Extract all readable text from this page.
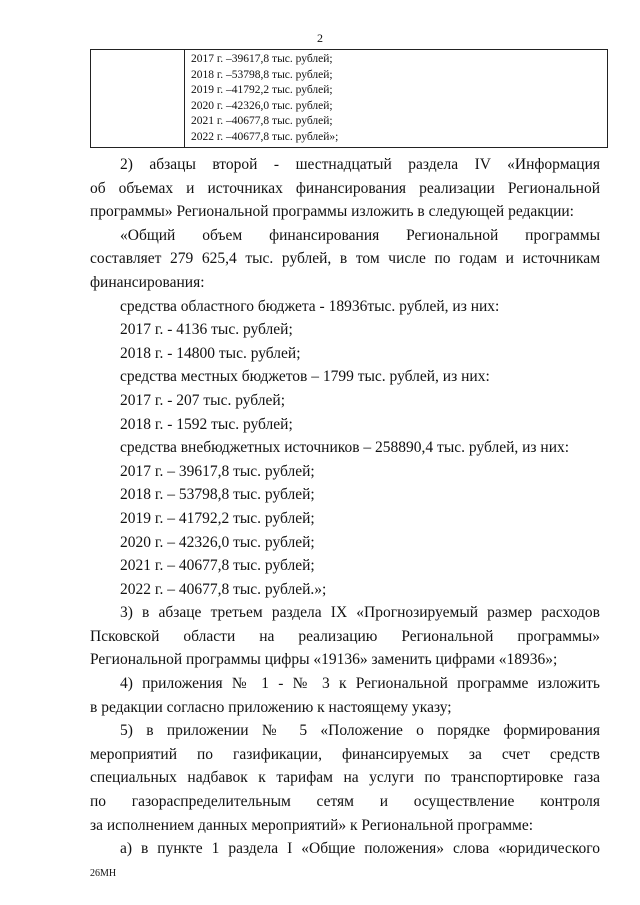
2
2017 г. –39617,8 тыс. рублей;
2018 г. –53798,8 тыс. рублей;
2019 г. –41792,2 тыс. рублей;
2020 г. –42326,0 тыс. рублей;
2021 г. –40677,8 тыс. рублей;
2022 г. –40677,8 тыс. рублей»;
2) абзацы второй - шестнадцатый раздела IV «Информация
об объемах и источниках финансирования реализации Региональной
программы» Региональной программы изложить в следующей редакции:
«Общий объем финансирования Региональной программы
составляет 279 625,4 тыс. рублей, в том числе по годам и источникам
финансирования:
средства областного бюджета - 18936тыс. рублей, из них:
2017 г. - 4136 тыс. рублей;
2018 г. - 14800 тыс. рублей;
средства местных бюджетов – 1799 тыс. рублей, из них:
2017 г. - 207 тыс. рублей;
2018 г. - 1592 тыс. рублей;
средства внебюджетных источников – 258890,4 тыс. рублей, из них:
2017 г. – 39617,8 тыс. рублей;
2018 г. – 53798,8 тыс. рублей;
2019 г. – 41792,2 тыс. рублей;
2020 г. – 42326,0 тыс. рублей;
2021 г. – 40677,8 тыс. рублей;
2022 г. – 40677,8 тыс. рублей.»;
3) в абзаце третьем раздела IX «Прогнозируемый размер расходов
Псковской области на реализацию Региональной программы»
Региональной программы цифры «19136» заменить цифрами «18936»;
4) приложения № 1 - № 3 к Региональной программе изложить
в редакции согласно приложению к настоящему указу;
5) в приложении № 5 «Положение о порядке формирования
мероприятий по газификации, финансируемых за счет средств
специальных надбавок к тарифам на услуги по транспортировке газа
по газораспределительным сетям и осуществление контроля
за исполнением данных мероприятий» к Региональной программе:
а) в пункте 1 раздела I «Общие положения» слова «юридического
26МН
